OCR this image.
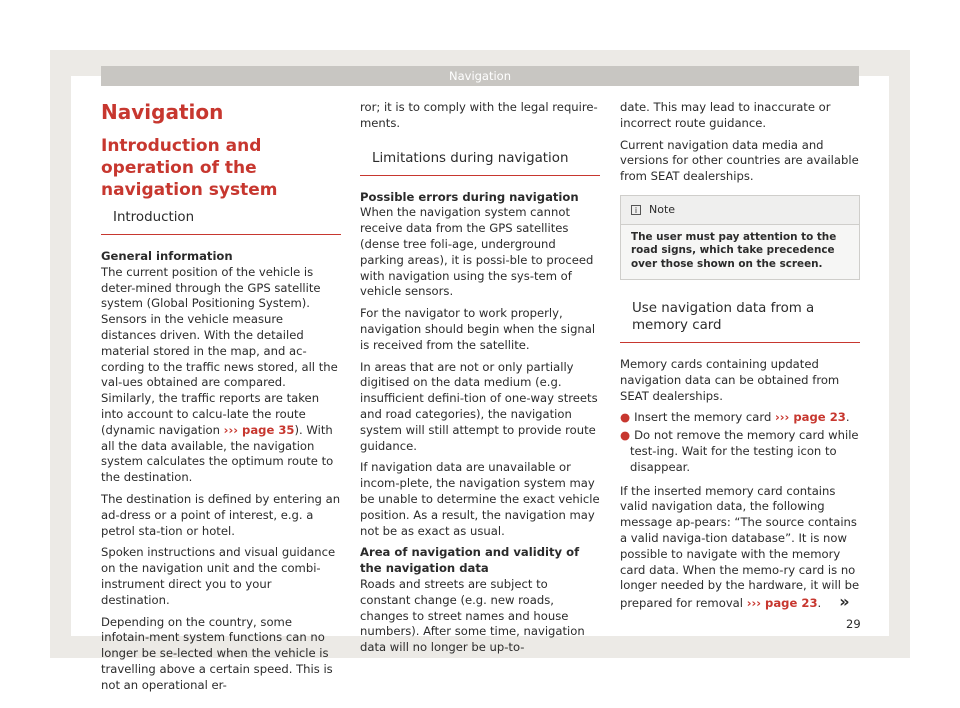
Navigation
Navigation
Introduction and operation of the navigation system
Introduction

General information

The current position of the vehicle is deter-mined through the GPS satellite system (Global Positioning System). Sensors in the vehicle measure distances driven. With the detailed material stored in the map, and ac-cording to the traffic news stored, all the val-ues obtained are compared. Similarly, the traffic reports are taken into account to calcu-late the route (dynamic navigation ››› page 35). With all the data available, the navigation system calculates the optimum route to the destination.

The destination is defined by entering an ad-dress or a point of interest, e.g. a petrol sta-tion or hotel.

Spoken instructions and visual guidance on the navigation unit and the combi-instrument direct you to your destination.

Depending on the country, some infotain-ment system functions can no longer be se-lected when the vehicle is travelling above a certain speed. This is not an operational er-

ror; it is to comply with the legal require-ments.

Limitations during navigation

Possible errors during navigation

When the navigation system cannot receive data from the GPS satellites (dense tree foli-age, underground parking areas), it is possi-ble to proceed with navigation using the sys-tem of vehicle sensors.

For the navigator to work properly, navigation should begin when the signal is received from the satellite.

In areas that are not or only partially digitised on the data medium (e.g. insufficient defini-tion of one-way streets and road categories), the navigation system will still attempt to provide route guidance.

If navigation data are unavailable or incom-plete, the navigation system may be unable to determine the exact vehicle position. As a result, the navigation may not be as exact as usual.

Area of navigation and validity of the navigation data

Roads and streets are subject to constant change (e.g. new roads, changes to street names and house numbers). After some time, navigation data will no longer be up-to-

date. This may lead to inaccurate or incorrect route guidance.

Current navigation data media and versions for other countries are available from SEAT dealerships.

i	Note
The user must pay attention to the road signs, which take precedence over those shown on the screen.
Use navigation data from a memory card

Memory cards containing updated navigation data can be obtained from SEAT dealerships.

● Insert the memory card ››› page 23.

● Do not remove the memory card while test-ing. Wait for the testing icon to disappear.

If the inserted memory card contains valid navigation data, the following message ap-pears: “The source contains a valid naviga-tion database”. It is now possible to navigate with the memory card data. When the memo-ry card is no longer needed by the hardware, it will be prepared for removal ››› page 23. »

29
